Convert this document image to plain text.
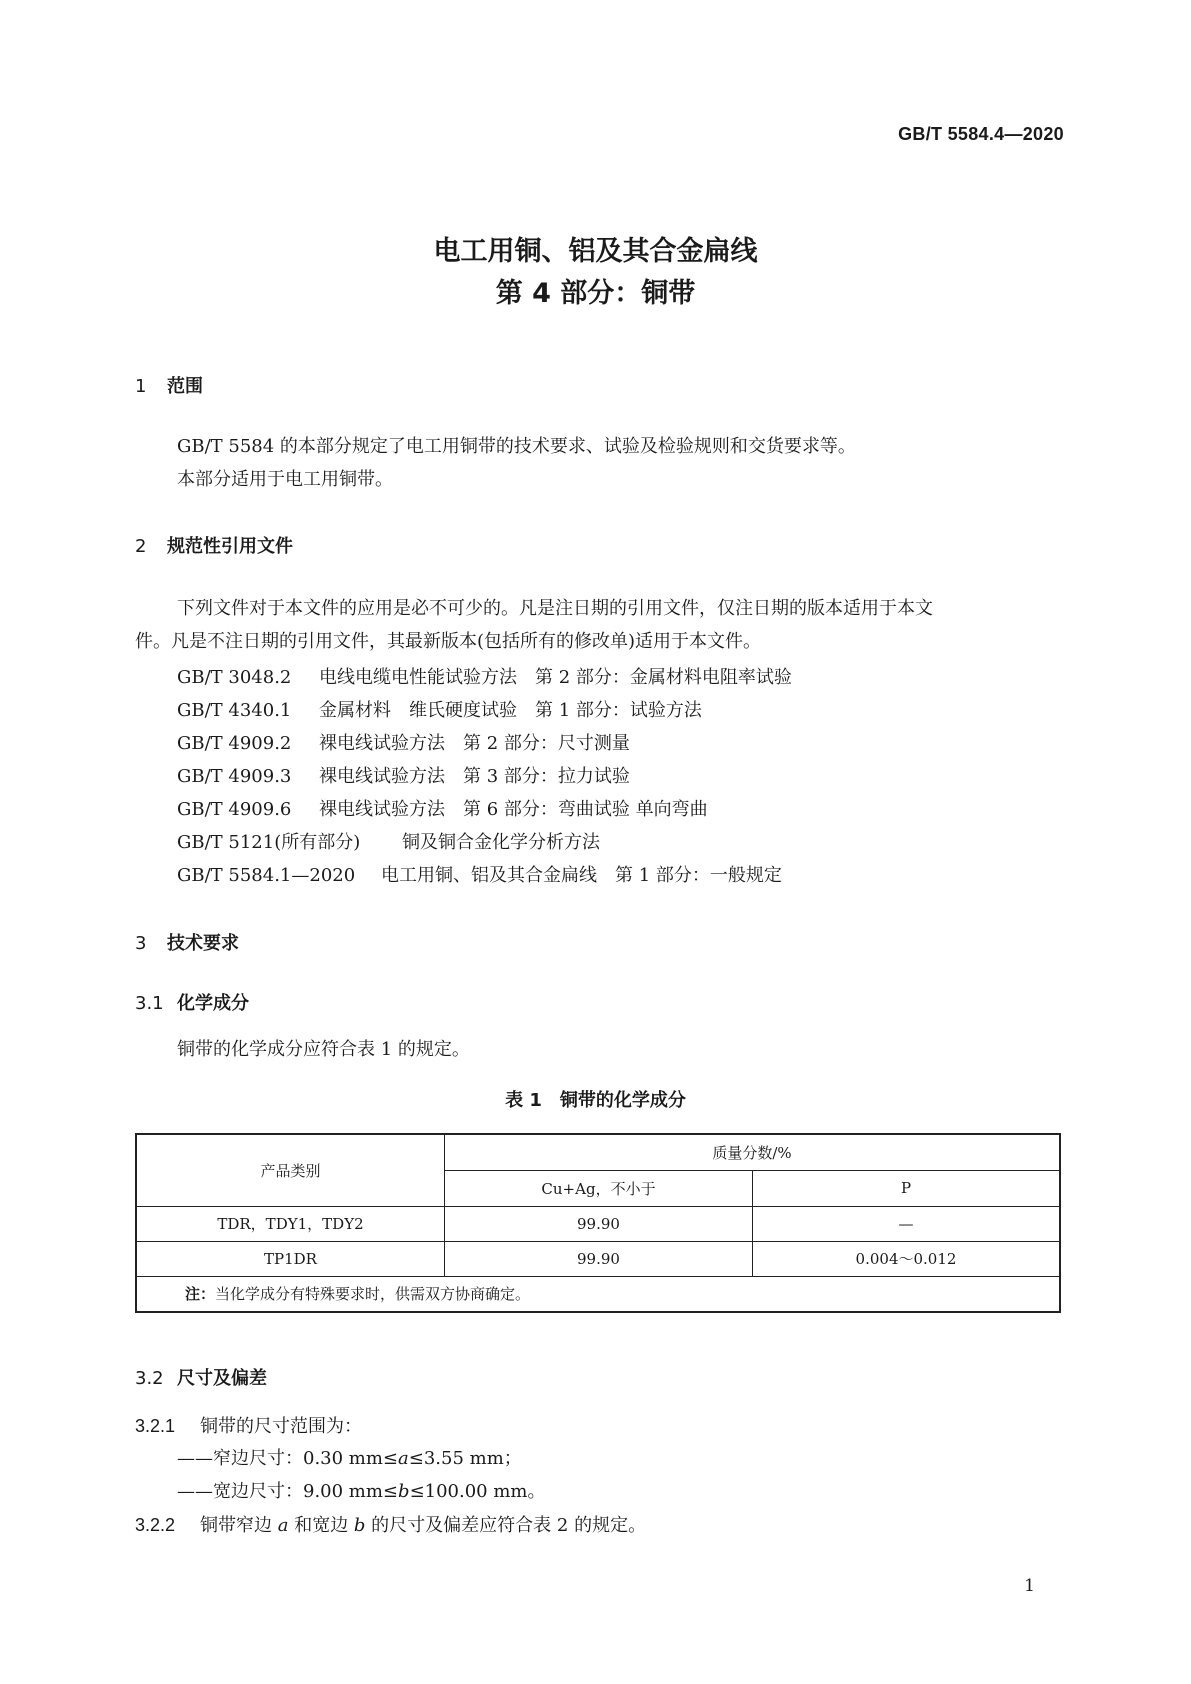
GB/T 5584.4—2020
电工用铜、铝及其合金扁线
第 4 部分：铜带
1 范围
GB/T 5584 的本部分规定了电工用铜带的技术要求、试验及检验规则和交货要求等。
本部分适用于电工用铜带。
2 规范性引用文件
下列文件对于本文件的应用是必不可少的。凡是注日期的引用文件，仅注日期的版本适用于本文
件。凡是不注日期的引用文件，其最新版本(包括所有的修改单)适用于本文件。
GB/T 3048.2 电线电缆电性能试验方法　第 2 部分：金属材料电阻率试验
GB/T 4340.1 金属材料　维氏硬度试验　第 1 部分：试验方法
GB/T 4909.2 裸电线试验方法　第 2 部分：尺寸测量
GB/T 4909.3 裸电线试验方法　第 3 部分：拉力试验
GB/T 4909.6 裸电线试验方法　第 6 部分：弯曲试验 单向弯曲
GB/T 5121(所有部分) 铜及铜合金化学分析方法
GB/T 5584.1—2020 电工用铜、铝及其合金扁线　第 1 部分：一般规定
3 技术要求
3.1 化学成分
铜带的化学成分应符合表 1 的规定。
表 1　铜带的化学成分
产品类别	质量分数/%	
	Cu+Ag，不小于	P
TDR，TDY1，TDY2	99.90	—
TP1DR	99.90	0.004～0.012
注：当化学成分有特殊要求时，供需双方协商确定。		
3.2 尺寸及偏差
3.2.1 铜带的尺寸范围为：
——窄边尺寸：0.30 mm≤a≤3.55 mm；
——宽边尺寸：9.00 mm≤b≤100.00 mm。
3.2.2 铜带窄边 a 和宽边 b 的尺寸及偏差应符合表 2 的规定。
1
